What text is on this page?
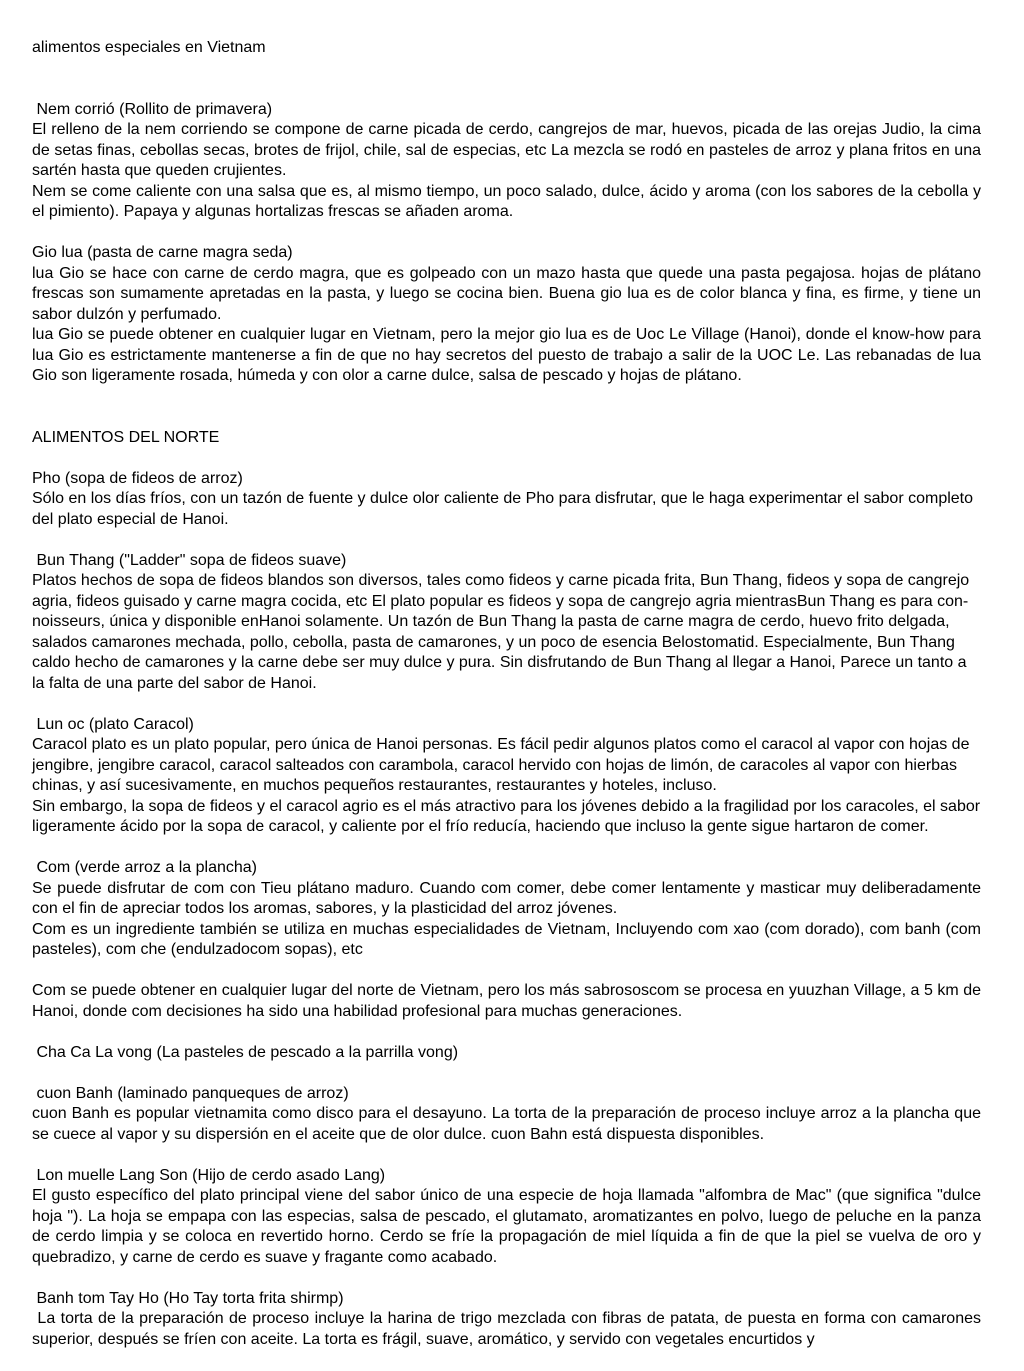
alimentos especiales en Vietnam

Nem corrió (Rollito de primavera)

El relleno de la nem corriendo se compone de carne picada de cerdo, cangrejos de mar, huevos, picada de las orejas Judio, la cima de setas finas, cebollas secas, brotes de frijol, chile, sal de especias, etc La mezcla se rodó en pasteles de arroz y plana fritos en una sartén hasta que queden crujientes.

Nem se come caliente con una salsa que es, al mismo tiempo, un poco salado, dulce, ácido y aroma (con los sabores de la cebolla y el pimiento). Papaya y algunas hortalizas frescas se añaden aroma.

Gio lua (pasta de carne magra seda)

lua Gio se hace con carne de cerdo magra, que es golpeado con un mazo hasta que quede una pasta pegajosa. hojas de plátano frescas son sumamente apretadas en la pasta, y luego se cocina bien. Buena gio lua es de color blanca y fina, es firme, y tiene un sabor dulzón y perfumado.

lua Gio se puede obtener en cualquier lugar en Vietnam, pero la mejor gio lua es de Uoc Le Village (Hanoi), donde el know-how para lua Gio es estrictamente mantenerse a fin de que no hay secretos del puesto de trabajo a salir de la UOC Le. Las rebanadas de lua Gio son ligeramente rosada, húmeda y con olor a carne dulce, salsa de pescado y hojas de plátano.

ALIMENTOS DEL NORTE

Pho (sopa de fideos de arroz)

Sólo en los días fríos, con un tazón de fuente y dulce olor caliente de Pho para disfrutar, que le haga experimentar el sabor completo del plato especial de Hanoi.

Bun Thang ("Ladder" sopa de fideos suave)

Platos hechos de sopa de fideos blandos son diversos, tales como fideos y carne picada frita, Bun Thang, fideos y sopa de cangrejo agria, fideos guisado y carne magra cocida, etc El plato popular es fideos y sopa de cangrejo agria mientrasBun Thang es para con- noisseurs, única y disponible enHanoi solamente. Un tazón de Bun Thang la pasta de carne magra de cerdo, huevo frito delgada, salados camarones mechada, pollo, cebolla, pasta de camarones, y un poco de esencia Belostomatid. Especialmente, Bun Thang caldo hecho de camarones y la carne debe ser muy dulce y pura. Sin disfrutando de Bun Thang al llegar a Hanoi, Parece un tanto a la falta de una parte del sabor de Hanoi.

Lun oc (plato Caracol)

Caracol plato es un plato popular, pero única de Hanoi personas. Es fácil pedir algunos platos como el caracol al vapor con hojas de jengibre, jengibre caracol, caracol salteados con carambola, caracol hervido con hojas de limón, de caracoles al vapor con hierbas chinas, y así sucesivamente, en muchos pequeños restaurantes, restaurantes y hoteles, incluso.

Sin embargo, la sopa de fideos y el caracol agrio es el más atractivo para los jóvenes debido a la fragilidad por los caracoles, el sabor ligeramente ácido por la sopa de caracol, y caliente por el frío reducía, haciendo que incluso la gente sigue hartaron de comer.

Com (verde arroz a la plancha)

Se puede disfrutar de com con Tieu plátano maduro. Cuando com comer, debe comer lentamente y masticar muy deliberadamente con el fin de apreciar todos los aromas, sabores, y la plasticidad del arroz jóvenes.

Com es un ingrediente también se utiliza en muchas especialidades de Vietnam, Incluyendo com xao (com dorado), com banh (com pasteles), com che (endulzadocom sopas), etc

Com se puede obtener en cualquier lugar del norte de Vietnam, pero los más sabrososcom se procesa en yuuzhan Village, a 5 km de Hanoi, donde com decisiones ha sido una habilidad profesional para muchas generaciones.

Cha Ca La vong (La pasteles de pescado a la parrilla vong)

cuon Banh (laminado panqueques de arroz)

cuon Banh es popular vietnamita como disco para el desayuno. La torta de la preparación de proceso incluye arroz a la plancha que se cuece al vapor y su dispersión en el aceite que de olor dulce. cuon Bahn está dispuesta disponibles.

Lon muelle Lang Son (Hijo de cerdo asado Lang)

El gusto específico del plato principal viene del sabor único de una especie de hoja llamada "alfombra de Mac" (que significa "dulce hoja "). La hoja se empapa con las especias, salsa de pescado, el glutamato, aromatizantes en polvo, luego de peluche en la panza de cerdo limpia y se coloca en revertido horno. Cerdo se fríe la propagación de miel líquida a fin de que la piel se vuelva de oro y quebradizo, y carne de cerdo es suave y fragante como acabado.

Banh tom Tay Ho (Ho Tay torta frita shirmp)

La torta de la preparación de proceso incluye la harina de trigo mezclada con fibras de patata, de puesta en forma con camarones superior, después se fríen con aceite. La torta es frágil, suave, aromático, y servido con vegetales encurtidos y
